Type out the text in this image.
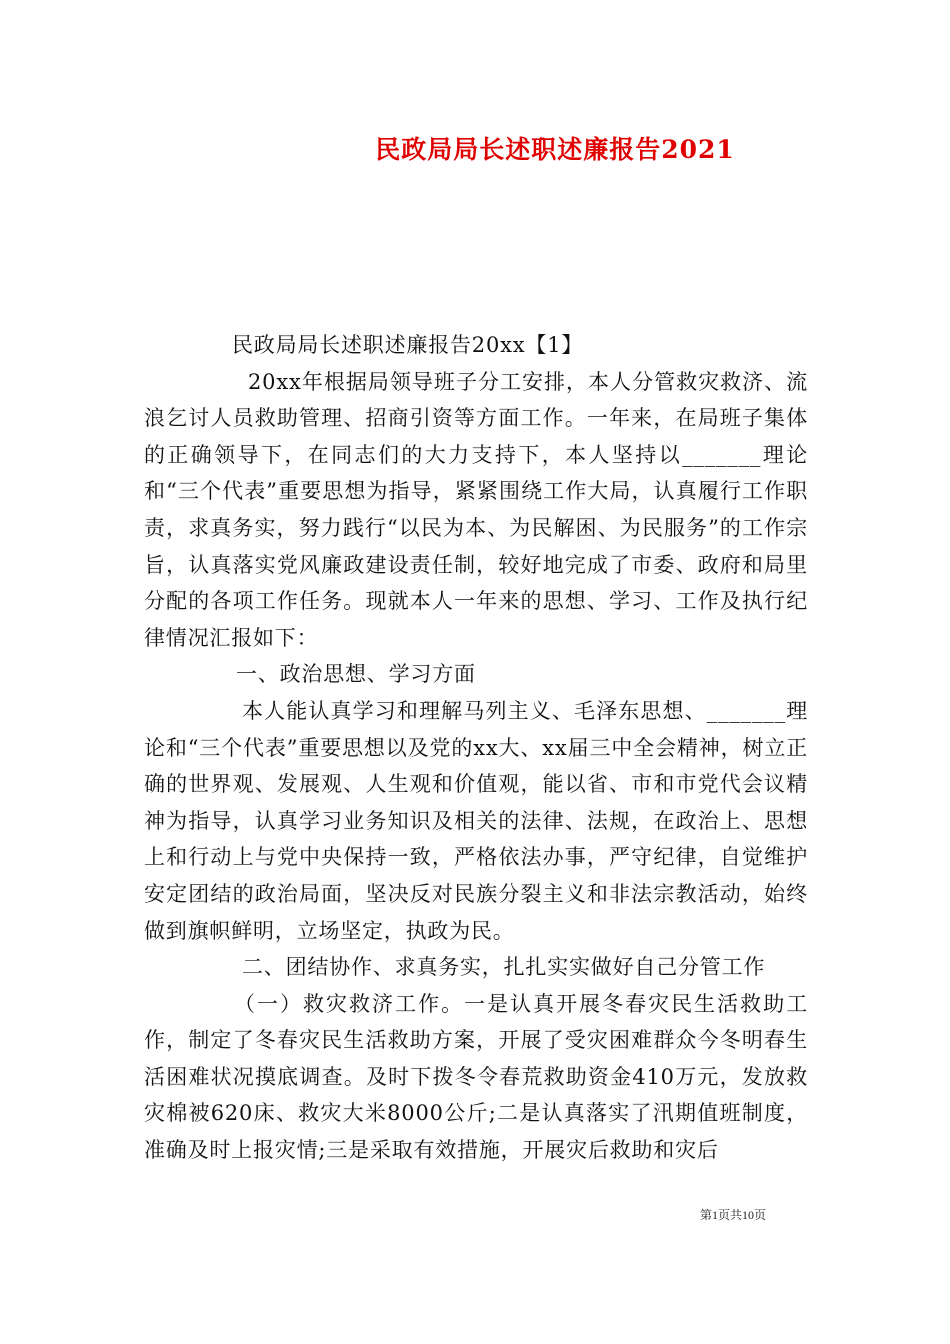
民政局局长述职述廉报告2021

民政局局长述职述廉报告20xx【1】

20xx年根据局领导班子分工安排，本人分管救灾救济、流浪乞讨人员救助管理、招商引资等方面工作。一年来，在局班子集体的正确领导下，在同志们的大力支持下，本人坚持以_______理论和“三个代表”重要思想为指导，紧紧围绕工作大局，认真履行工作职责，求真务实，努力践行“以民为本、为民解困、为民服务”的工作宗旨，认真落实党风廉政建设责任制，较好地完成了市委、政府和局里分配的各项工作任务。现就本人一年来的思想、学习、工作及执行纪律情况汇报如下：

一、政治思想、学习方面

本人能认真学习和理解马列主义、毛泽东思想、_______理论和“三个代表”重要思想以及党的xx大、xx届三中全会精神，树立正确的世界观、发展观、人生观和价值观，能以省、市和市党代会议精神为指导，认真学习业务知识及相关的法律、法规，在政治上、思想上和行动上与党中央保持一致，严格依法办事，严守纪律，自觉维护安定团结的政治局面，坚决反对民族分裂主义和非法宗教活动，始终做到旗帜鲜明，立场坚定，执政为民。

二、团结协作、求真务实，扎扎实实做好自己分管工作

（一）救灾救济工作。一是认真开展冬春灾民生活救助工作，制定了冬春灾民生活救助方案，开展了受灾困难群众今冬明春生活困难状况摸底调查。及时下拨冬令春荒救助资金410万元，发放救灾棉被620床、救灾大米8000公斤;二是认真落实了汛期值班制度，准确及时上报灾情;三是采取有效措施，开展灾后救助和灾后

第1页共10页
